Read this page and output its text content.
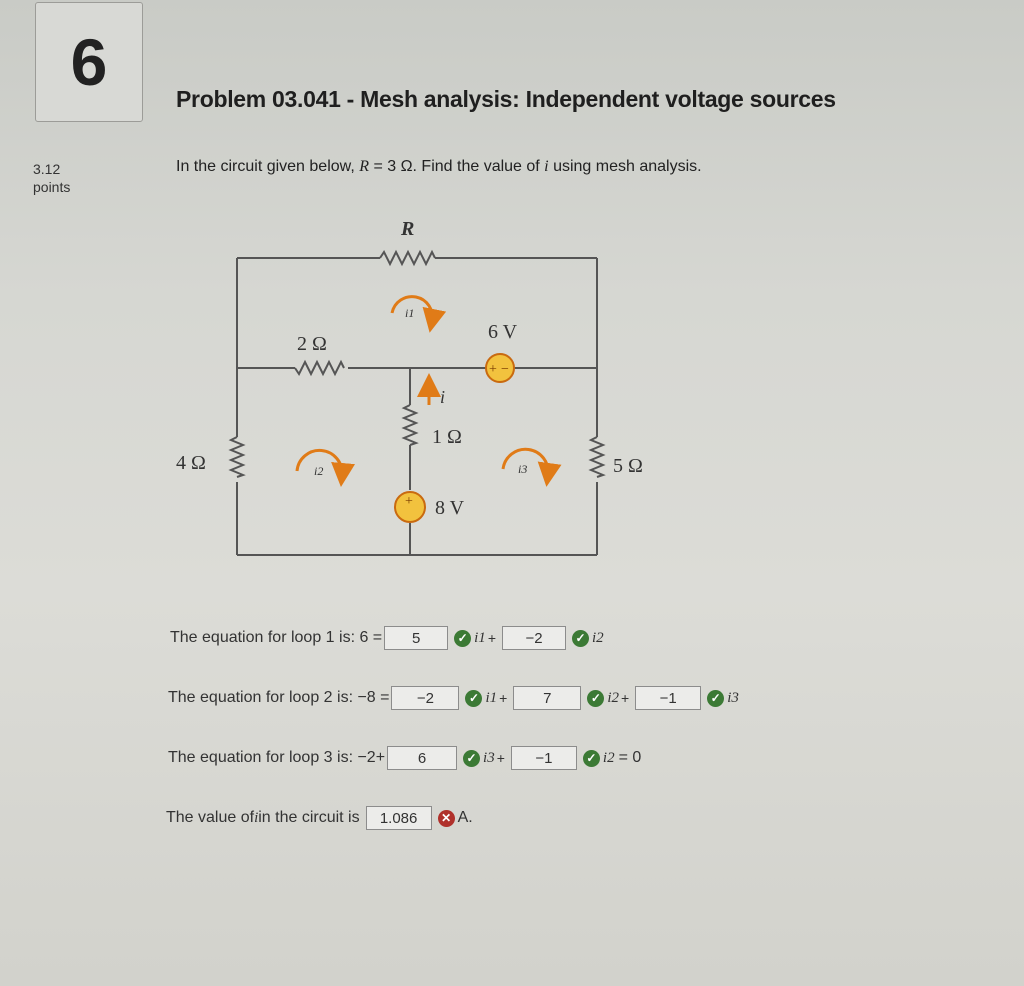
6
3.12
points
Problem 03.041 - Mesh analysis: Independent voltage sources
In the circuit given below, R = 3 Ω. Find the value of i using mesh analysis.
R
2 Ω
1 Ω
4 Ω	5 Ω
+ −
6 V
+ 8 V
i
i1
i2	i3
The equation for loop 1 is: 6 =	5	✓ i1 +	−2	✓ i2
The equation for loop 2 is: −8 =	−2	✓ i1 +	7	✓ i2 +	−1	✓ i3
The equation for loop 3 is: −2+	6	✓ i3 +	−1	✓ i2 = 0
The value of i in the circuit is	1.086	✕ A.
